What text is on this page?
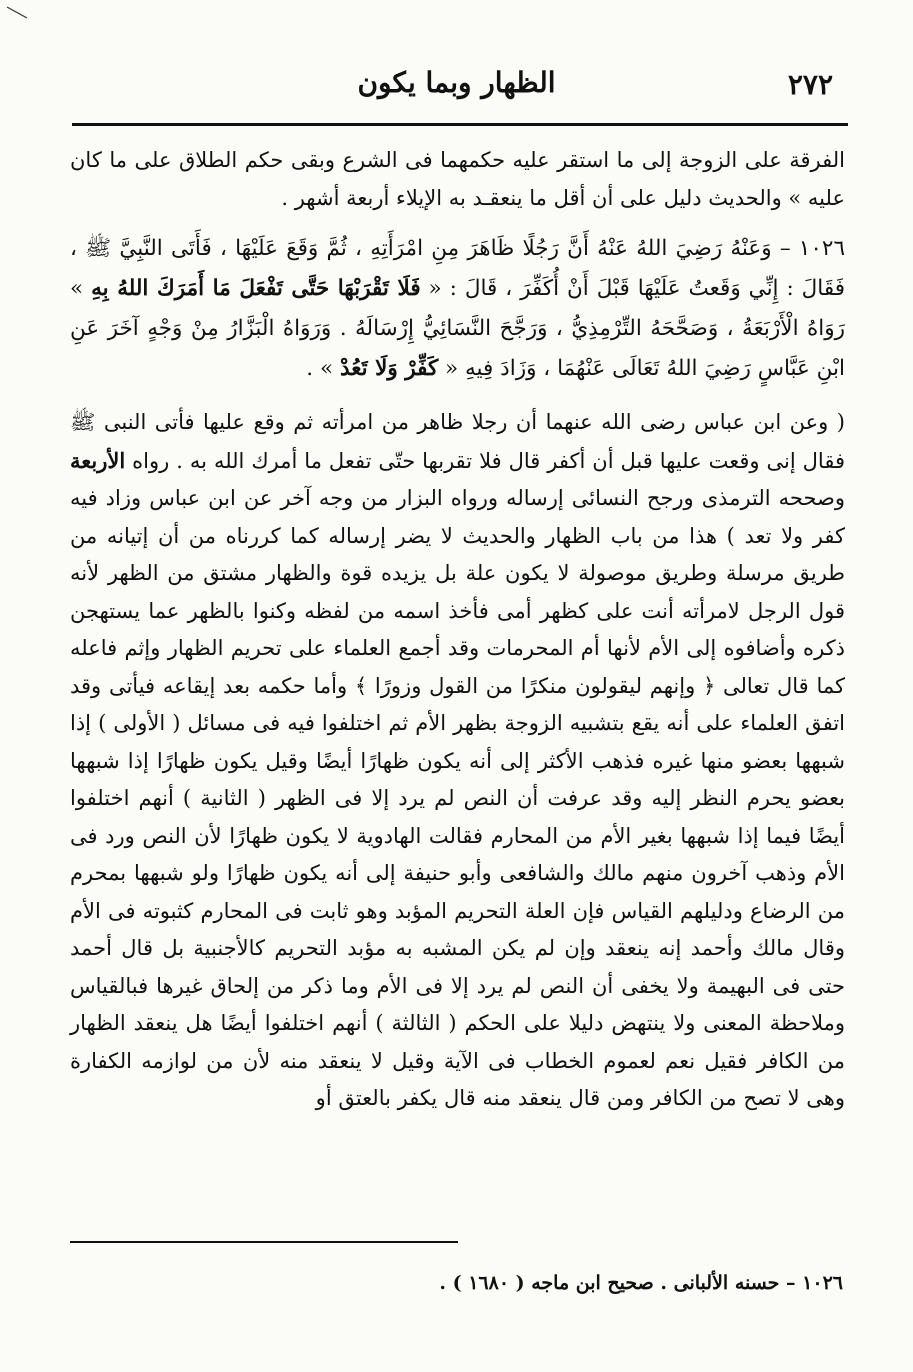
٢٧٢
الظهار وبما يكون

الفرقة على الزوجة إلى ما استقر عليه حكمهما فى الشرع وبقى حكم الطلاق على ما كان عليه » والحديث دليل على أن أقل ما ينعقـد به الإيلاء أربعة أشهر .

١٠٢٦ – وَعَنْهُ رَضِيَ اللهُ عَنْهُ أَنَّ رَجُلًا ظَاهَرَ مِنِ امْرَأَتِهِ ، ثُمَّ وَقَعَ عَلَيْهَا ، فَأَتَى النَّبِيَّ ﷺ ، فَقَالَ : إِنِّي وَقَعتُ عَلَيْهَا قَبْلَ أَنْ أُكَفِّرَ ، قَالَ : « فَلَا تَقْرَبْهَا حَتَّى تَفْعَلَ مَا أَمَرَكَ اللهُ بِهِ » رَوَاهُ الْأَرْبَعَةُ ، وَصَحَّحَهُ التِّرْمِذِيُّ ، وَرَجَّحَ النَّسَائِيُّ إِرْسَالَهُ . وَرَوَاهُ الْبَزَّارُ مِنْ وَجْهٍ آخَرَ عَنِ ابْنِ عَبَّاسٍ رَضِيَ اللهُ تَعَالَى عَنْهُمَا ، وَزَادَ فِيهِ « كَفِّرْ وَلَا تَعُدْ » .

( وعن ابن عباس رضى الله عنهما أن رجلا ظاهر من امرأته ثم وقع عليها فأتى النبى ﷺ فقال إنى وقعت عليها قبل أن أكفر قال فلا تقربها حتّى تفعل ما أمرك الله به . رواه الأربعة وصححه الترمذى ورجح النسائى إرساله ورواه البزار من وجه آخر عن ابن عباس وزاد فيه كفر ولا تعد ) هذا من باب الظهار والحديث لا يضر إرساله كما كررناه من أن إتيانه من طريق مرسلة وطريق موصولة لا يكون علة بل يزيده قوة والظهار مشتق من الظهر لأنه قول الرجل لامرأته أنت على كظهر أمى فأخذ اسمه من لفظه وكنوا بالظهر عما يستهجن ذكره وأضافوه إلى الأم لأنها أم المحرمات وقد أجمع العلماء على تحريم الظهار وإثم فاعله كما قال تعالى ﴿ وإنهم ليقولون منكرًا من القول وزورًا ﴾ وأما حكمه بعد إيقاعه فيأتى وقد اتفق العلماء على أنه يقع بتشبيه الزوجة بظهر الأم ثم اختلفوا فيه فى مسائل ( الأولى ) إذا شبهها بعضو منها غيره فذهب الأكثر إلى أنه يكون ظهارًا أيضًا وقيل يكون ظهارًا إذا شبهها بعضو يحرم النظر إليه وقد عرفت أن النص لم يرد إلا فى الظهر ( الثانية ) أنهم اختلفوا أيضًا فيما إذا شبهها بغير الأم من المحارم فقالت الهادوية لا يكون ظهارًا لأن النص ورد فى الأم وذهب آخرون منهم مالك والشافعى وأبو حنيفة إلى أنه يكون ظهارًا ولو شبهها بمحرم من الرضاع ودليلهم القياس فإن العلة التحريم المؤبد وهو ثابت فى المحارم كثبوته فى الأم وقال مالك وأحمد إنه ينعقد وإن لم يكن المشبه به مؤبد التحريم كالأجنبية بل قال أحمد حتى فى البهيمة ولا يخفى أن النص لم يرد إلا فى الأم وما ذكر من إلحاق غيرها فبالقياس وملاحظة المعنى ولا ينتهض دليلا على الحكم ( الثالثة ) أنهم اختلفوا أيضًا هل ينعقد الظهار من الكافر فقيل نعم لعموم الخطاب فى الآية وقيل لا ينعقد منه لأن من لوازمه الكفارة وهى لا تصح من الكافر ومن قال ينعقد منه قال يكفر بالعتق أو

١٠٢٦ – حسنه الألبانى . صحيح ابن ماجه ( ١٦٨٠ ) .
